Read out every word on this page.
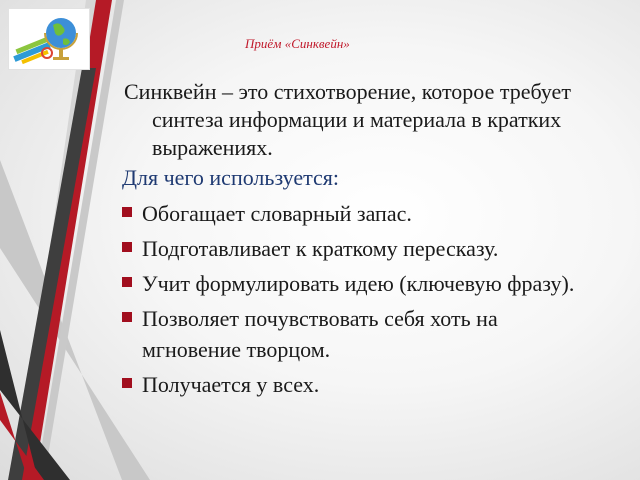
Приём «Синквейн»
Синквейн – это стихотворение, которое требует синтеза информации и материала в кратких выражениях.
Для чего используется:
Обогащает словарный запас.
Подготавливает к краткому пересказу.
Учит формулировать идею (ключевую фразу).
Позволяет почувствовать себя хоть на мгновение творцом.
Получается у всех.
